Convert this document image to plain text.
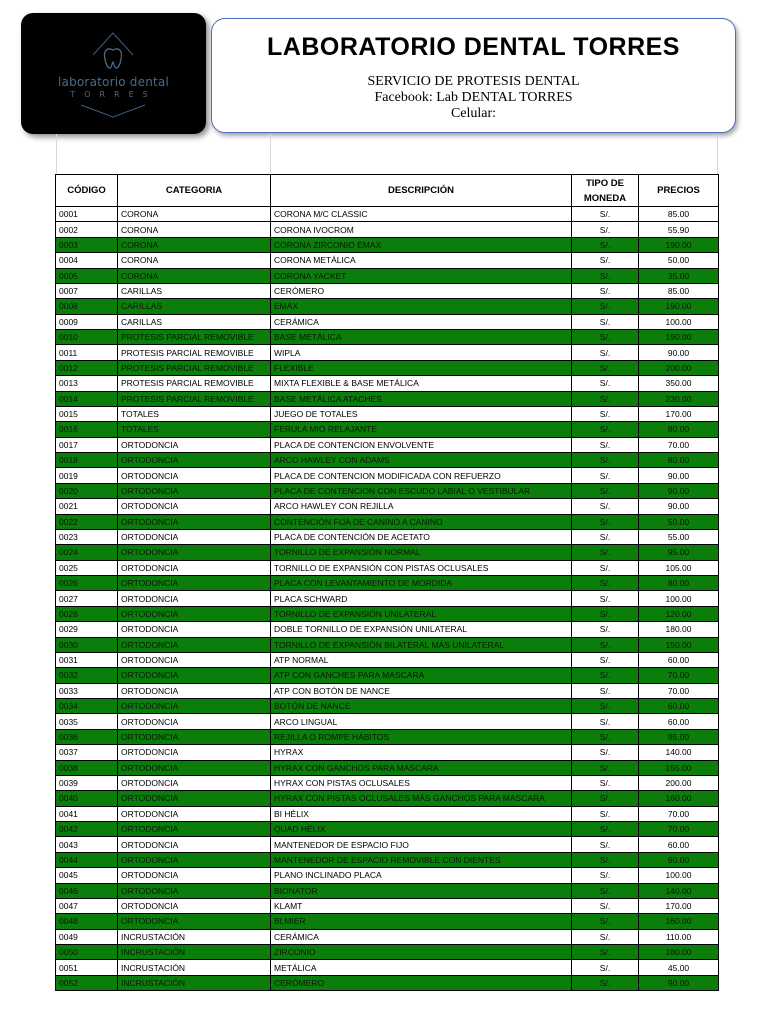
laboratorio dental
TORRES
LABORATORIO DENTAL TORRES
SERVICIO DE PROTESIS DENTAL
Facebook: Lab DENTAL TORRES
Celular:
CÓDIGO	CATEGORIA	DESCRIPCIÓN	TIPO DE MONEDA	PRECIOS
0001	CORONA	CORONA M/C CLASSIC	S/.	85.00
0002	CORONA	CORONA IVOCROM	S/.	55.90
0003	CORONA	CORONA ZIRCONIO EMAX	S/.	190.00
0004	CORONA	CORONA METÁLICA	S/.	50.00
0005	CORONA	CORONA YACKET	S/.	35.00
0007	CARILLAS	CERÓMERO	S/.	85.00
0008	CARILLAS	EMAX	S/.	190.00
0009	CARILLAS	CERÁMICA	S/.	100.00
0010	PROTESIS PARCIAL REMOVIBLE	BASE METÁLICA	S/.	190.00
0011	PROTESIS PARCIAL REMOVIBLE	WIPLA	S/.	90.00
0012	PROTESIS PARCIAL REMOVIBLE	FLEXIBLE	S/.	200.00
0013	PROTESIS PARCIAL REMOVIBLE	MIXTA FLEXIBLE & BASE METÁLICA	S/.	350.00
0014	PROTESIS PARCIAL REMOVIBLE	BASE METÁLICA ATACHES	S/.	230.00
0015	TOTALES	JUEGO DE TOTALES	S/.	170.00
0016	TOTALES	FERULA MIO RELAJANTE	S/.	80.00
0017	ORTODONCIA	PLACA DE CONTENCION ENVOLVENTE	S/.	70.00
0018	ORTODONCIA	ARCO HAWLEY CON ADAMS	S/.	80.00
0019	ORTODONCIA	PLACA DE CONTENCION MODIFICADA CON REFUERZO	S/.	90.00
0020	ORTODONCIA	PLACA DE CONTENCION CON ESCUDO LABIAL O VESTIBULAR	S/.	90.00
0021	ORTODONCIA	ARCO HAWLEY CON REJILLA	S/.	90.00
0022	ORTODONCIA	CONTENCIÓN FIJA DE CANINO A CANINO	S/.	50.00
0023	ORTODONCIA	PLACA DE CONTENCIÓN DE ACETATO	S/.	55.00
0024	ORTODONCIA	TORNILLO DE EXPANSIÓN NORMAL	S/.	95.00
0025	ORTODONCIA	TORNILLO DE EXPANSIÓN CON PISTAS OCLUSALES	S/.	105.00
0026	ORTODONCIA	PLACA CON LEVANTAMIENTO DE MORDIDA	S/.	80.00
0027	ORTODONCIA	PLACA SCHWARD	S/.	100.00
0028	ORTODONCIA	TORNILLO DE EXPANSIÓN UNILATERAL	S/.	120.00
0029	ORTODONCIA	DOBLE TORNILLO DE EXPANSIÓN UNILATERAL	S/.	180.00
0030	ORTODONCIA	TORNILLO DE EXPANSIÓN BILATERAL MÁS UNILATERAL	S/.	150.00
0031	ORTODONCIA	ATP NORMAL	S/.	60.00
0032	ORTODONCIA	ATP CON GANCHES PARA MASCARA	S/.	70.00
0033	ORTODONCIA	ATP CON BOTÓN DE NANCE	S/.	70.00
0034	ORTODONCIA	BOTÓN DE NANCE	S/.	60.00
0035	ORTODONCIA	ARCO LINGUAL	S/.	60.00
0036	ORTODONCIA	REJILLA O ROMPE HÁBITOS	S/.	95.00
0037	ORTODONCIA	HYRAX	S/.	140.00
0038	ORTODONCIA	HYRAX CON GANCHOS PARA MASCARA	S/.	155.00
0039	ORTODONCIA	HYRAX CON PISTAS OCLUSALES	S/.	200.00
0040	ORTODONCIA	HYRAX CON PISTAS OCLUSALES MÁS GANCHOS PARA MASCARA	S/.	160.00
0041	ORTODONCIA	BI HÉLIX	S/.	70.00
0042	ORTODONCIA	QUAD HÉLIX	S/.	70.00
0043	ORTODONCIA	MANTENEDOR DE ESPACIO FIJO	S/.	60.00
0044	ORTODONCIA	MANTENEDOR DE ESPACIO REMOVIBLE CON DIENTES	S/.	90.00
0045	ORTODONCIA	PLANO INCLINADO PLACA	S/.	100.00
0046	ORTODONCIA	BIONATOR	S/.	140.00
0047	ORTODONCIA	KLAMT	S/.	170.00
0048	ORTODONCIA	BLMIER	S/.	160.00
0049	INCRUSTACIÓN	CERÁMICA	S/.	110.00
0050	INCRUSTACIÓN	ZIRCONIO	S/.	180.00
0051	INCRUSTACIÓN	METÁLICA	S/.	45.00
0052	INCRUSTACIÓN	CERÓMERO	S/.	90.00
